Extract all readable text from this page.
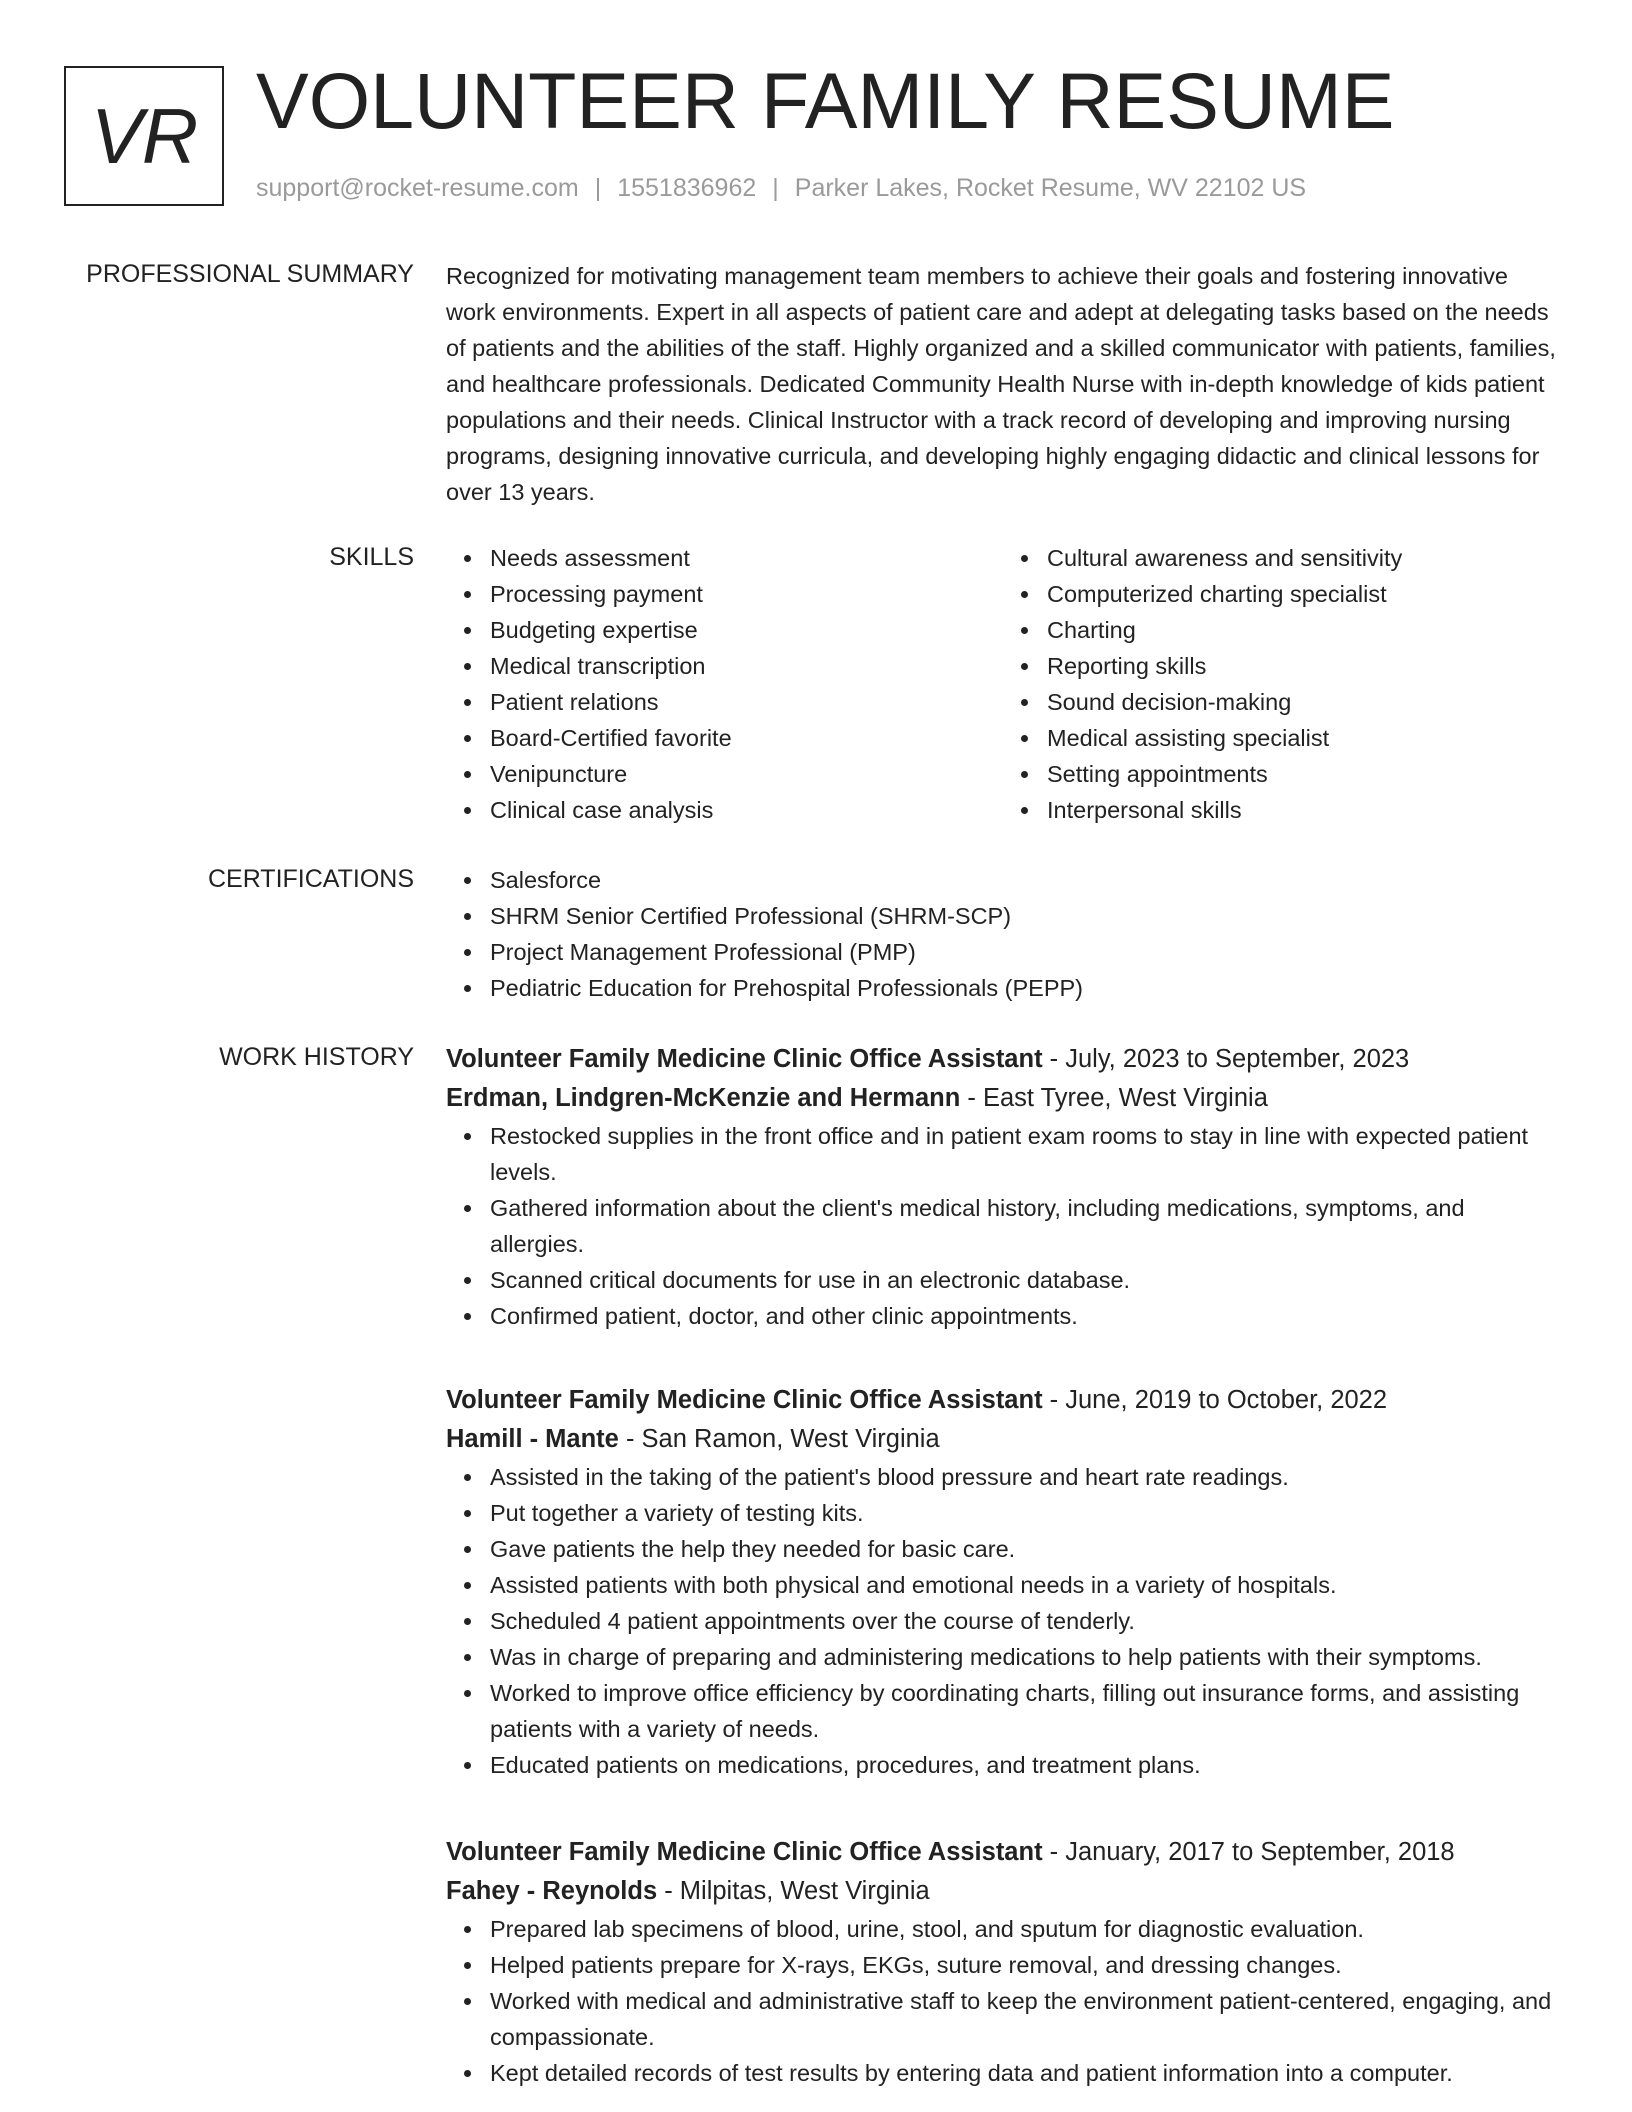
VR VOLUNTEER FAMILY RESUME
support@rocket-resume.com | 1551836962 | Parker Lakes, Rocket Resume, WV 22102 US
PROFESSIONAL SUMMARY Recognized for motivating management team members to achieve their goals and fostering innovative work environments. Expert in all aspects of patient care and adept at delegating tasks based on the needs of patients and the abilities of the staff. Highly organized and a skilled communicator with patients, families, and healthcare professionals. Dedicated Community Health Nurse with in-depth knowledge of kids patient populations and their needs. Clinical Instructor with a track record of developing and improving nursing programs, designing innovative curricula, and developing highly engaging didactic and clinical lessons for over 13 years.

SKILLS	Needs assessment
Processing payment
Budgeting expertise
Medical transcription
Patient relations
Board-Certified favorite
Venipuncture
Clinical case analysis
Cultural awareness and sensitivity
Computerized charting specialist
Charting
Reporting skills
Sound decision-making
Medical assisting specialist
Setting appointments
Interpersonal skills
CERTIFICATIONS	Salesforce
SHRM Senior Certified Professional (SHRM-SCP)
Project Management Professional (PMP)
Pediatric Education for Prehospital Professionals (PEPP)
WORK HISTORY Volunteer Family Medicine Clinic Office Assistant - July, 2023 to September, 2023
Erdman, Lindgren-McKenzie and Hermann - East Tyree, West Virginia
Restocked supplies in the front office and in patient exam rooms to stay in line with expected patient levels.
Gathered information about the client's medical history, including medications, symptoms, and allergies.
Scanned critical documents for use in an electronic database.
Confirmed patient, doctor, and other clinic appointments.
Volunteer Family Medicine Clinic Office Assistant - June, 2019 to October, 2022
Hamill - Mante - San Ramon, West Virginia
Assisted in the taking of the patient's blood pressure and heart rate readings.
Put together a variety of testing kits.
Gave patients the help they needed for basic care.
Assisted patients with both physical and emotional needs in a variety of hospitals.
Scheduled 4 patient appointments over the course of tenderly.
Was in charge of preparing and administering medications to help patients with their symptoms.
Worked to improve office efficiency by coordinating charts, filling out insurance forms, and assisting patients with a variety of needs.
Educated patients on medications, procedures, and treatment plans.
Volunteer Family Medicine Clinic Office Assistant - January, 2017 to September, 2018
Fahey - Reynolds - Milpitas, West Virginia
Prepared lab specimens of blood, urine, stool, and sputum for diagnostic evaluation.
Helped patients prepare for X-rays, EKGs, suture removal, and dressing changes.
Worked with medical and administrative staff to keep the environment patient-centered, engaging, and compassionate.
Kept detailed records of test results by entering data and patient information into a computer.
